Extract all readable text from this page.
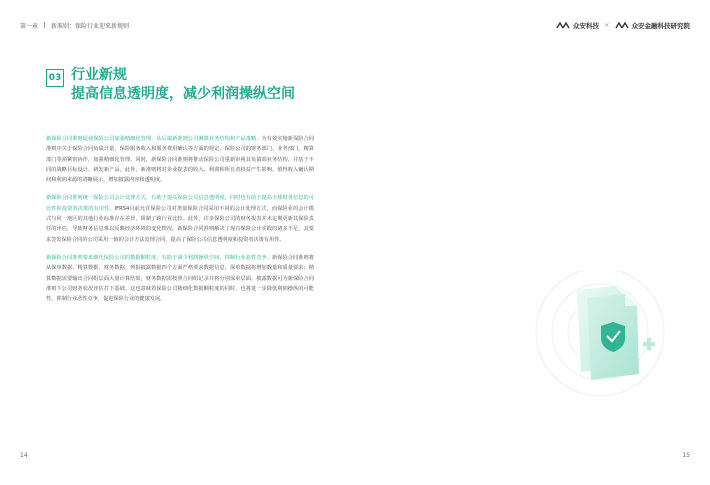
第一章 新准则：保险行业迎来新规则	众安科技 ×	众安金融科技研究院
03 行业新规
提高信息透明度，减少利润操纵空间

新保险合同准则促使保险公司加强精细化管理，从后端新准则公司测算业务结构和产品策略，为有效实施新保险合同准则中关于保险合同负债计量，保险服务收入和服务费用确认等方面的规定，保险公司的财务部门、业务部门、精算部门等须紧密协作，加强精细化管理。同时，新保险合同准则将推动保险公司重新审视其负债端业务结构，并基于不同的战略目标设计、研发新产品。此外，新准则将对企业提表的收入、利润和所有者权益产生影响，值得收入确认期间和利润来源的清晰展示，增加披露内容和透明度。

新保险合同准则统一保险公司会计处理方式，有助于提高保险公司信息透明度，同时也有助于提高全球财务信息的可比性和投资者决策的有用性。IFRS4目前允许保险公司对类似保险合同采用不同的会计处理方式，而保险业的会计模式与同一地区的其他行业标准存在差异，阻制了跨行业比较。此外，许多保险公司的财务报表并未定期更新其保险责任的评估，导致财务信息难以反映经济环境的变化情况。新保险合同准则解决了现有保险会计实践的诸多不足，其要求签发保险合同的公司采用一致的会计方法处理合同，提高了保险公司信息透明度和投资者决策有用性。

新保险合同准则要求细化保险公司的数据颗粒度，有助于减少利润操纵空间，抑制行业恶性竞争。新保险合同准则将从保单数据、精算数据、财务数据、列报披露数据四个方面严格要求数据信息。保单数据将增加数量和质量要求；精算数据需要输出合同组层面大量计算结果，财务数据需按照合同组记录并将分别保单层面。披露数据可为新保险合同准则下公司财务状况评估打下基础。这也意味着保险公司精细化数据颗粒度的同时，也将进一步降低利润操纵的可能性，抑制行业恶性竞争，促进保险行业的健康发展。

14	15
